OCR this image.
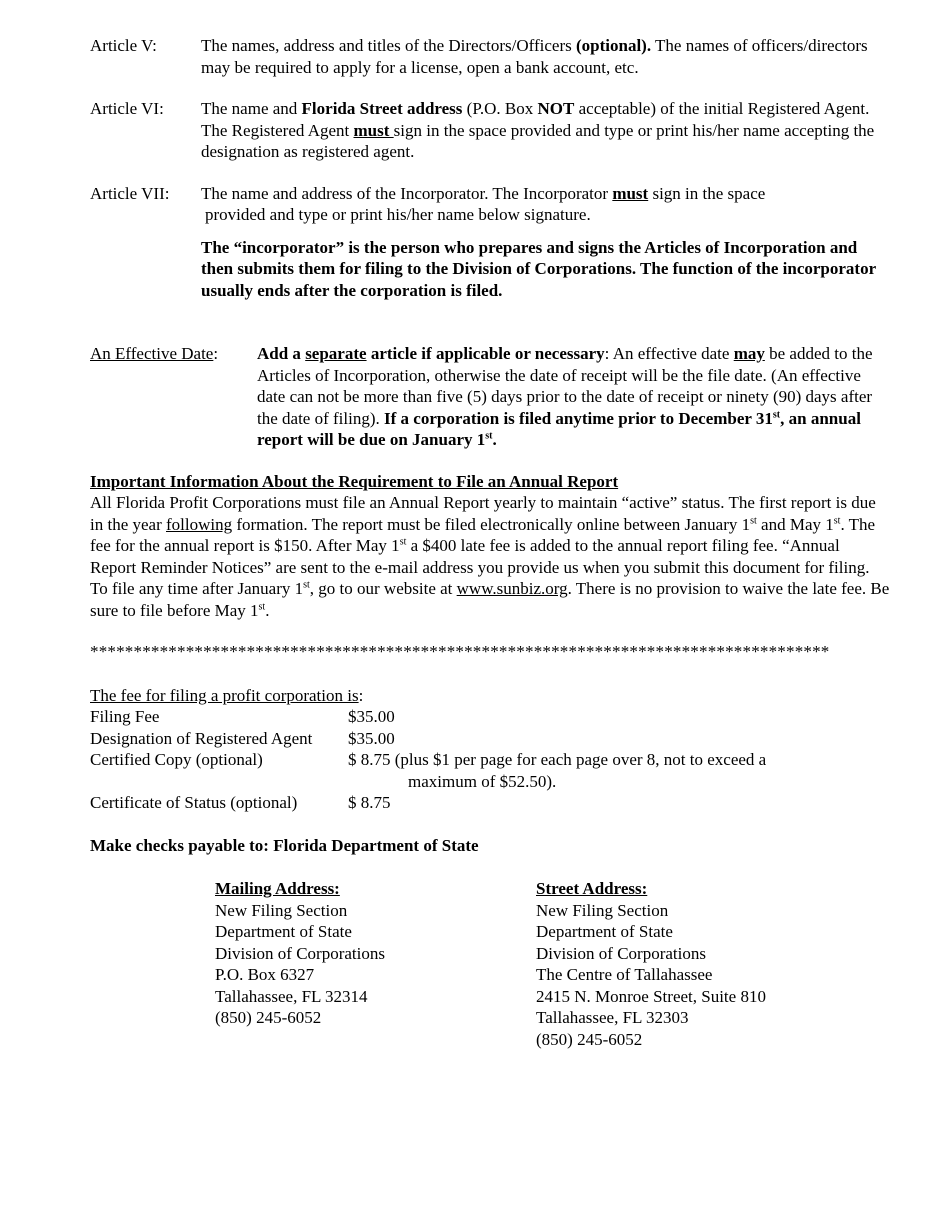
Article V:	The names, address and titles of the Directors/Officers (optional). The names of officers/directors may be required to apply for a license, open a bank account, etc.
Article VI:	The name and Florida Street address (P.O. Box NOT acceptable) of the initial Registered Agent. The Registered Agent must sign in the space provided and type or print his/her name accepting the designation as registered agent.
Article VII:	The name and address of the Incorporator. The Incorporator must sign in the space
provided and type or print his/her name below signature.
The “incorporator” is the person who prepares and signs the Articles of Incorporation and then submits them for filing to the Division of Corporations. The function of the incorporator usually ends after the corporation is filed.
An Effective Date:	Add a separate article if applicable or necessary: An effective date may be added to the Articles of Incorporation, otherwise the date of receipt will be the file date. (An effective date can not be more than five (5) days prior to the date of receipt or ninety (90) days after the date of filing). If a corporation is filed anytime prior to December 31st, an annual report will be due on January 1st.
Important Information About the Requirement to File an Annual Report
All Florida Profit Corporations must file an Annual Report yearly to maintain “active” status. The first report is due in the year following formation. The report must be filed electronically online between January 1st and May 1st. The fee for the annual report is $150. After May 1st a $400 late fee is added to the annual report filing fee. “Annual Report Reminder Notices” are sent to the e-mail address you provide us when you submit this document for filing. To file any time after January 1st, go to our website at www.sunbiz.org. There is no provision to waive the late fee. Be sure to file before May 1st.
*************************************************************************************
The fee for filing a profit corporation is:
Filing Fee	$35.00
Designation of Registered Agent	$35.00
Certified Copy (optional)	$ 8.75 (plus $1 per page for each page over 8, not to exceed a
maximum of $52.50).
Certificate of Status (optional)	$ 8.75
Make checks payable to: Florida Department of State
Mailing Address:
New Filing Section
Department of State
Division of Corporations
P.O. Box 6327
Tallahassee, FL 32314
(850) 245-6052
Street Address:
New Filing Section
Department of State
Division of Corporations
The Centre of Tallahassee
2415 N. Monroe Street, Suite 810
Tallahassee, FL 32303
(850) 245-6052
